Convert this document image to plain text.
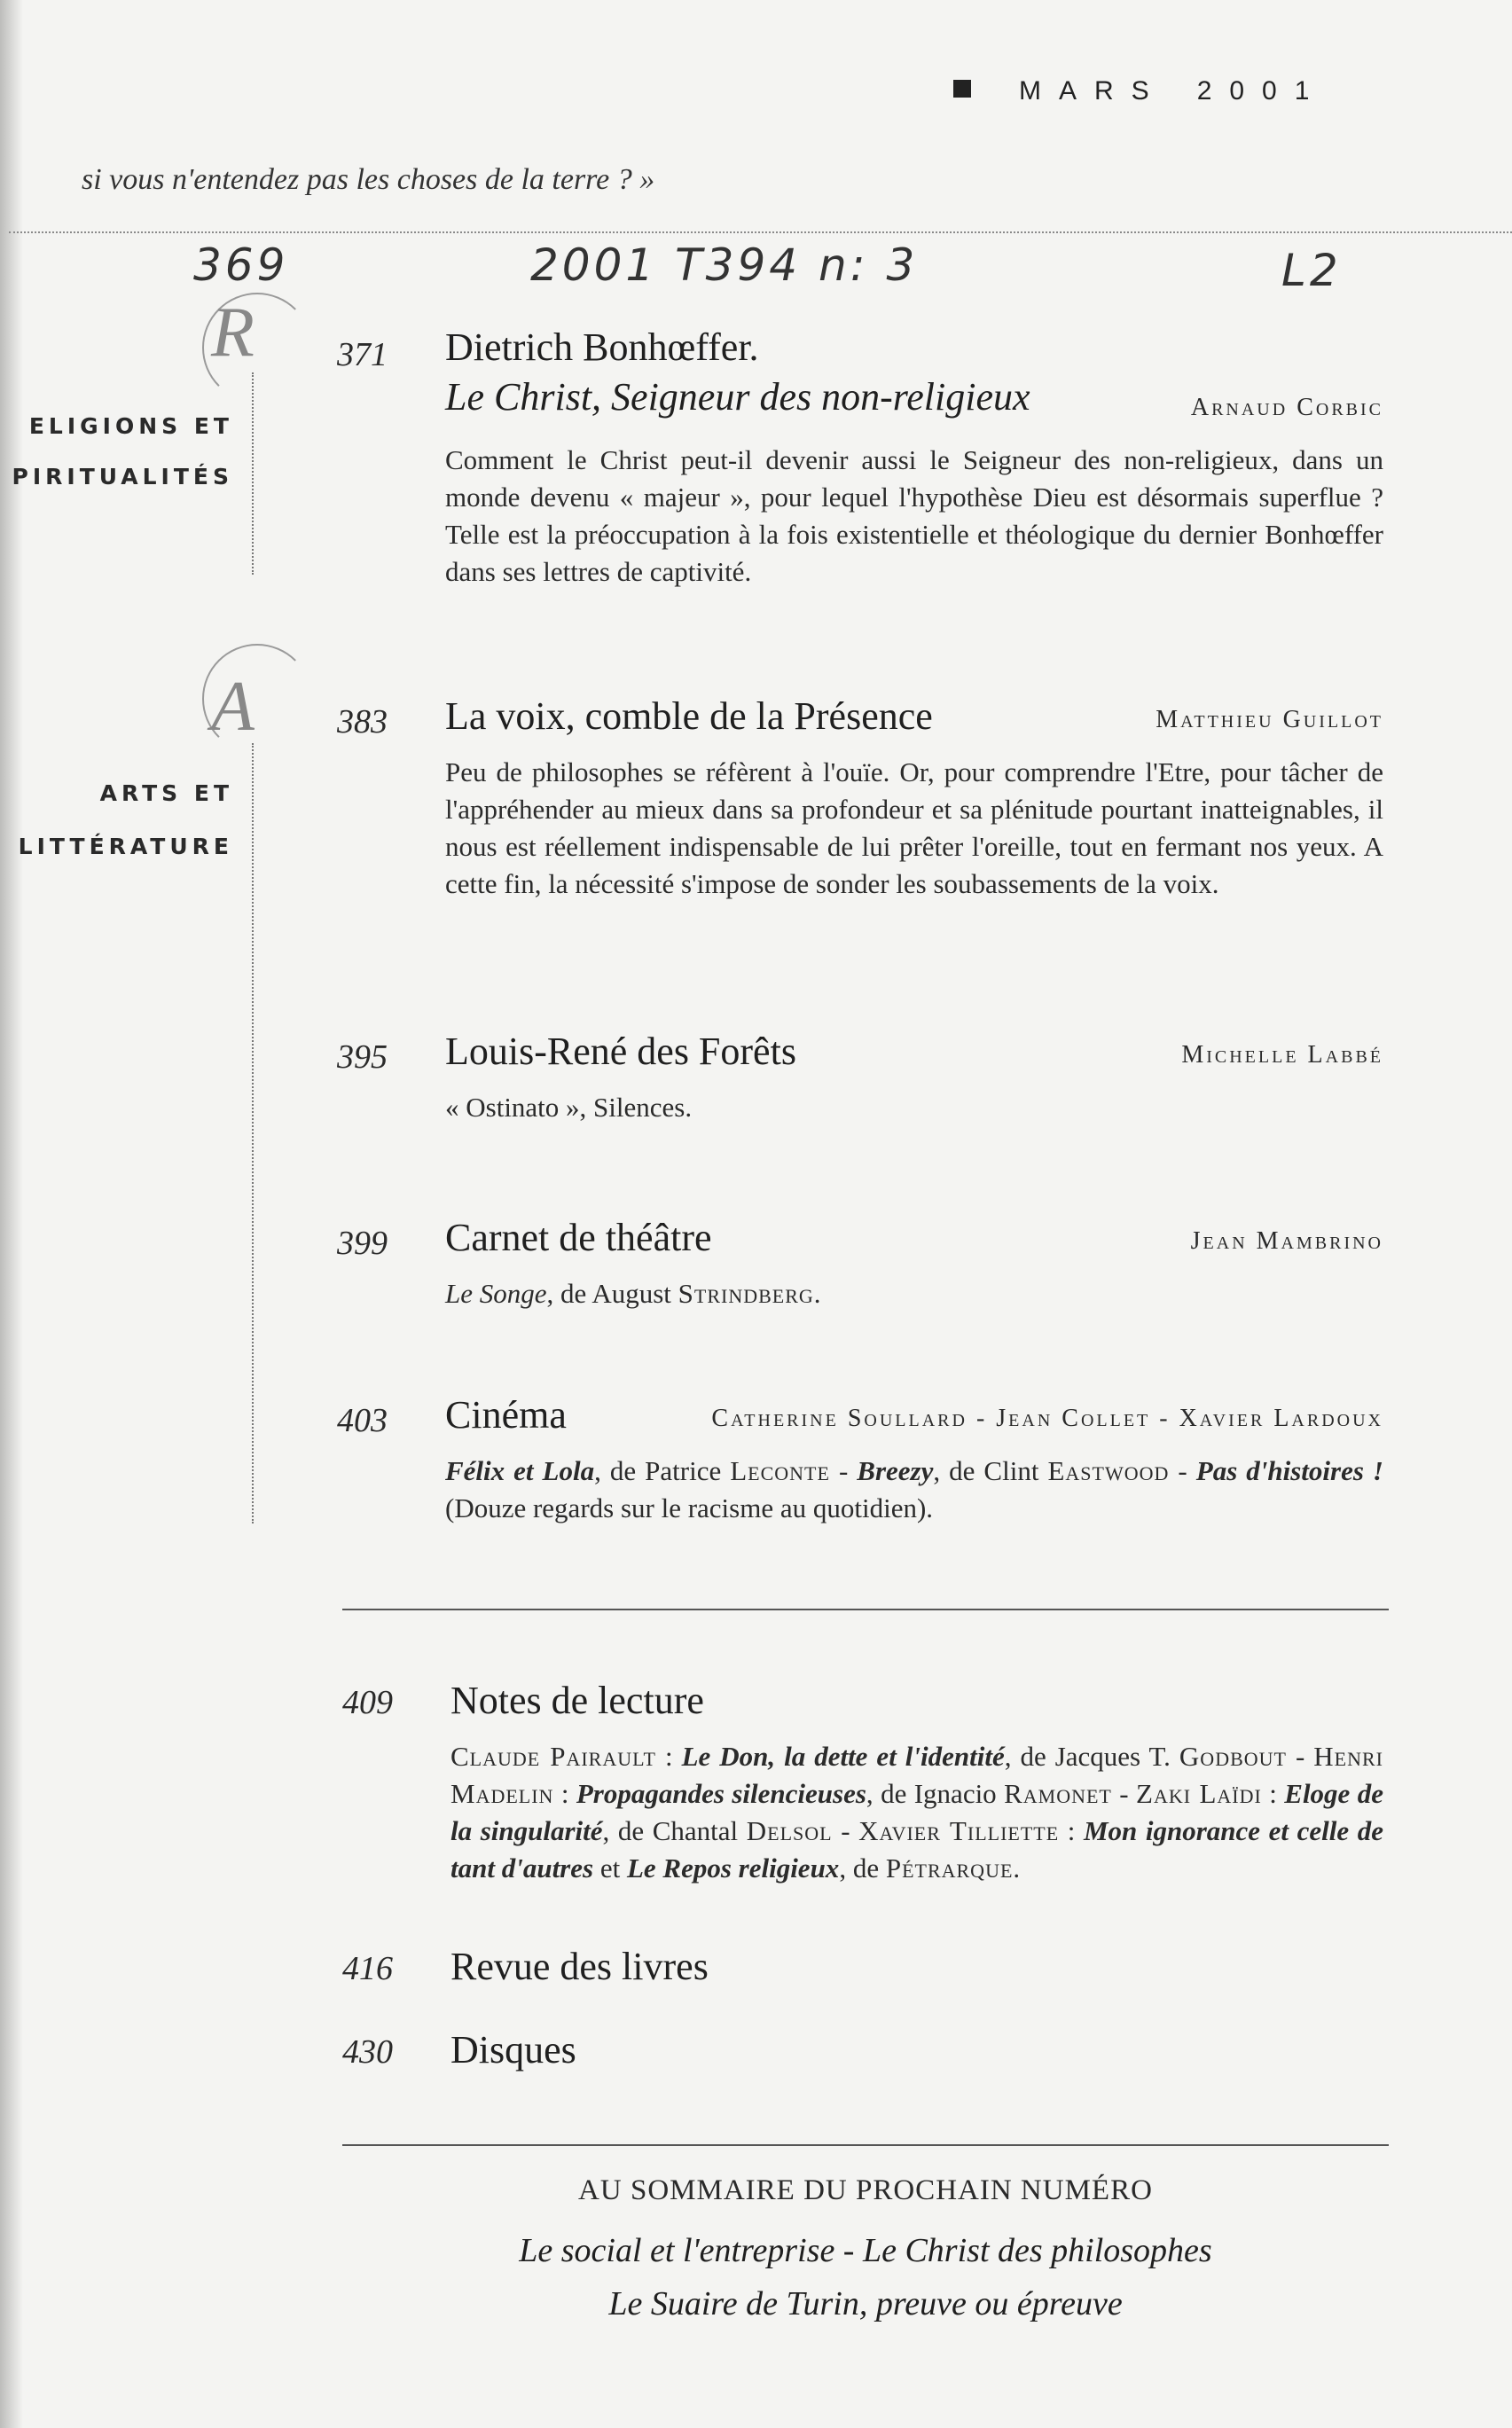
MARS 2001
si vous n'entendez pas les choses de la terre ? »
369	2001 T394 n: 3	L2
R
ELIGIONS ET
PIRITUALITÉS
A
ARTS ET
LITTÉRATURE
371 Dietrich Bonhœffer.
Le Christ, Seigneur des non-religieux	Arnaud Corbic
Comment le Christ peut-il devenir aussi le Seigneur des non-religieux, dans un monde devenu « majeur », pour lequel l'hypothèse Dieu est désormais superflue ? Telle est la préoccupation à la fois existentielle et théologique du dernier Bonhœffer dans ses lettres de captivité.
383 La voix, comble de la Présence	Matthieu Guillot
Peu de philosophes se réfèrent à l'ouïe. Or, pour comprendre l'Etre, pour tâcher de l'appréhender au mieux dans sa profondeur et sa plénitude pourtant inatteignables, il nous est réellement indispensable de lui prêter l'oreille, tout en fermant nos yeux. A cette fin, la nécessité s'impose de sonder les soubassements de la voix.
395 Louis-René des Forêts	Michelle Labbé
« Ostinato », Silences.
399 Carnet de théâtre	Jean Mambrino
Le Songe, de August Strindberg.
403 Cinéma	Catherine Soullard - Jean Collet - Xavier Lardoux
Félix et Lola, de Patrice Leconte - Breezy, de Clint Eastwood - Pas d'histoires ! (Douze regards sur le racisme au quotidien).
409 Notes de lecture
Claude Pairault : Le Don, la dette et l'identité, de Jacques T. Godbout - Henri Madelin : Propagandes silencieuses, de Ignacio Ramonet - Zaki Laïdi : Eloge de la singularité, de Chantal Delsol - Xavier Tilliette : Mon ignorance et celle de tant d'autres et Le Repos religieux, de Pétrarque.
416 Revue des livres
430 Disques
AU SOMMAIRE DU PROCHAIN NUMÉRO
Le social et l'entreprise - Le Christ des philosophes
Le Suaire de Turin, preuve ou épreuve
